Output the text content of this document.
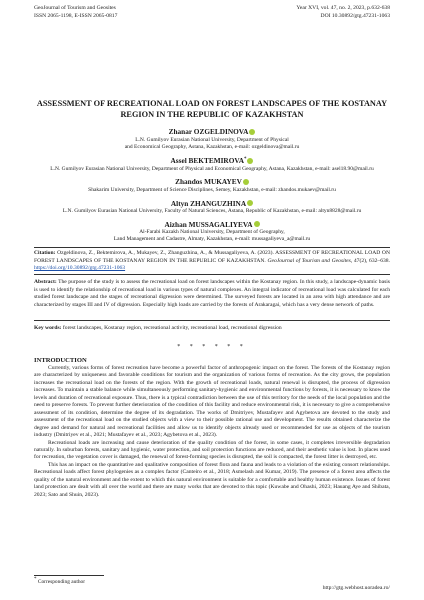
GeoJournal of Tourism and Geosites
ISSN 2065-1198, E-ISSN 2065-0817
Year XVI, vol. 47, no. 2, 2023, p.632-638
DOI 10.30892/gtg.47231-1063
ASSESSMENT OF RECREATIONAL LOAD ON FOREST LANDSCAPES OF THE KOSTANAY REGION IN THE REPUBLIC OF KAZAKHSTAN
Zhanar OZGELDINOVA
L.N. Gumilyov Eurasian National University, Department of Physical
and Economical Geography, Astana, Kazakhstan, e-mail: ozgeldinova@mail.ru
Assel BEKTEMIROVA*
L.N. Gumilyov Eurasian National University, Department of Physical and Economical Geography, Astana, Kazakhstan, e-mail: asel18.90@mail.ru
Zhandos MUKAYEV
Shakarim University, Department of Science Disciplines, Semey, Kazakhstan, e-mail: zhandos.mukaev@mail.ru
Altyn ZHANGUZHINA
L.N. Gumilyov Eurasian National University, Faculty of Natural Sciences, Astana, Republic of Kazakhstan, e-mail: altyn8828@mail.ru
Aizhan MUSSAGALIYEVA
Al-Farabi Kazakh National University, Department of Geography,
Land Management and Cadastre, Almaty, Kazakhstan, e-mail: mussagaliyeva_a@mail.ru
Citation: Ozgeldinova, Z., Bektemirova, A., Mukayev, Z., Zhanguzhina, A., & Mussagaliyeva, A. (2023). ASSESSMENT OF RECREATIONAL LOAD ON FOREST LANDSCAPES OF THE KOSTANAY REGION IN THE REPUBLIC OF KAZAKHSTAN. GeoJournal of Tourism and Geosites, 47(2), 632–638. https://doi.org/10.30892/gtg.47231-1063
Abstract: The purpose of the study is to assess the recreational load on forest landscapes within the Kostanay region. In this study, a landscape-dynamic basis is used to identify the relationship of recreational load in various types of natural complexes. An integral indicator of recreational load was calculated for each studied forest landscape and the stages of recreational digression were determined. The surveyed forests are located in an area with high attendance and are characterized by stages III and IV of digression. Especially high loads are carried by the forests of Arakaragai, which has a very dense network of paths.
Key words: forest landscapes, Kostanay region, recreational activity, recreational load, recreational digression
* * * * * *
INTRODUCTION

Currently, various forms of forest recreation have become a powerful factor of anthropogenic impact on the forest. The forests of the Kostanay region are characterized by uniqueness and favorable conditions for tourism and the organization of various forms of recreation. As the city grows, the population increases the recreational load on the forests of the region. With the growth of recreational loads, natural renewal is disrupted, the process of digression increases. To maintain a stable balance while simultaneously performing sanitary-hygienic and environmental functions by forests, it is necessary to know the levels and duration of recreational exposure. Thus, there is a typical contradiction between the use of this territory for the needs of the local population and the need to preserve forests. To prevent further deterioration of the condition of this facility and reduce environmental risk, it is necessary to give a comprehensive assessment of its condition, determine the degree of its degradation. The works of Dmitriyev, Mustafayev and Agybetova are devoted to the study and assessment of the recreational load on the studied objects with a view to their possible rational use and development. The results obtained characterize the degree and demand for natural and recreational facilities and allow us to identify objects already used or recommended for use as objects of the tourism industry (Dmitriyev et al., 2021; Mustafayev et al., 2023; Agybetova et al., 2023).

Recreational loads are increasing and cause deterioration of the quality condition of the forest, in some cases, it completes irreversible degradation naturally. In suburban forests, sanitary and hygienic, water protection, and soil protection functions are reduced, and their aesthetic value is lost. In places used for recreation, the vegetation cover is damaged, the renewal of forest-forming species is disrupted, the soil is compacted, the forest litter is destroyed, etc.

This has an impact on the quantitative and qualitative composition of forest flora and fauna and leads to a violation of the existing consort relationships. Recreational loads affect forest phylogenies as a complex factor (Canteiro et al., 2018; Asmelash and Kumar, 2019). The presence of a forest area affects the quality of the natural environment and the extent to which this natural environment is suitable for a comfortable and healthy human existence. Issues of forest land protection are dealt with all over the world and there are many works that are devoted to this topic (Kuwabe and Ohashi, 2023; Hauang Aye and Shibata, 2023; Sato and Shuin, 2023).

* Corresponding author
http://gtg.webhost.uoradea.ro/
